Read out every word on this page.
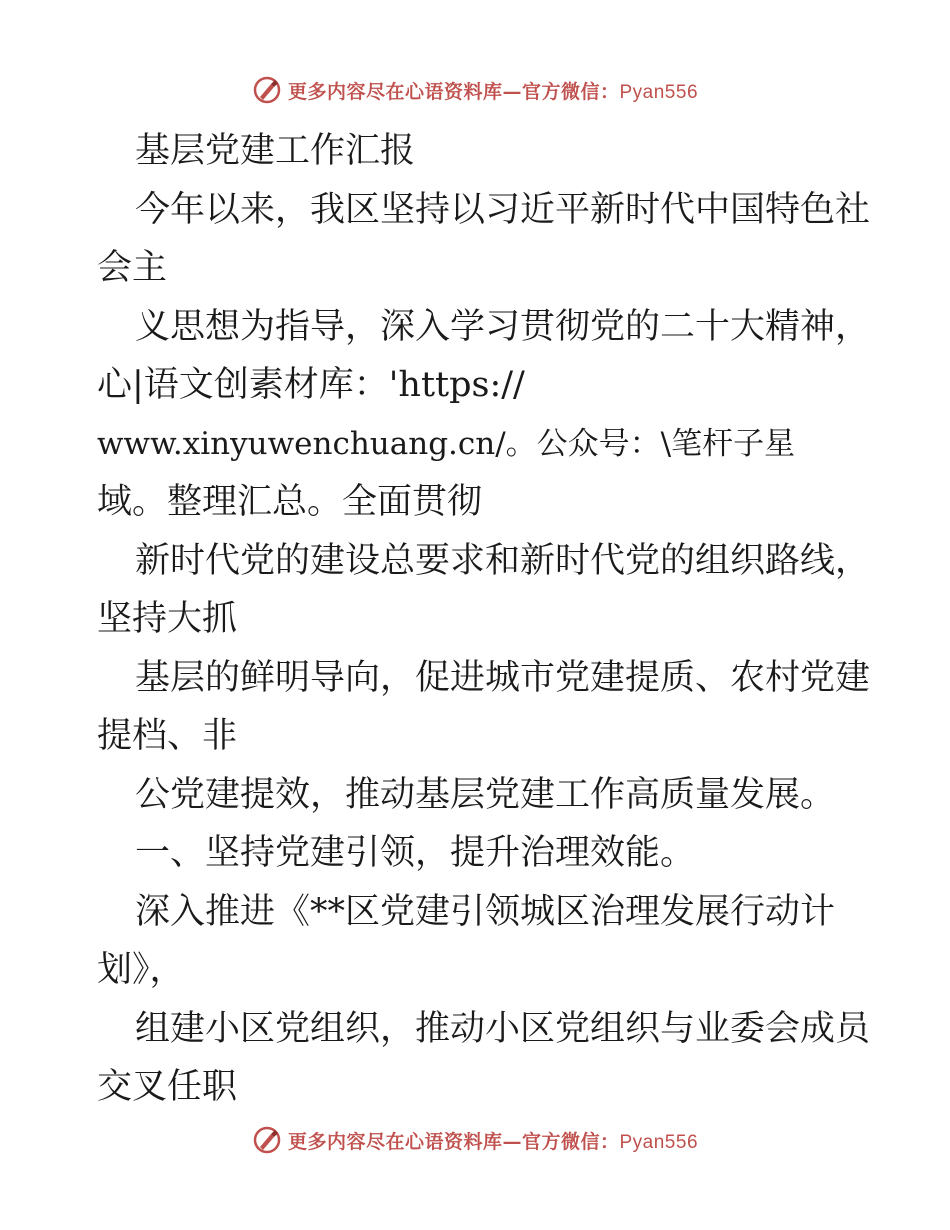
更多内容尽在心语资料库—官方微信：Pyan556
基层党建工作汇报
今年以来，我区坚持以习近平新时代中国特色社
会主
义思想为指导，深入学习贯彻党的二十大精神，
心|语文创素材库：'https://
www.xinyuwenchuang.cn/。公众号：\笔杆子星
域。整理汇总。全面贯彻
新时代党的建设总要求和新时代党的组织路线，
坚持大抓
基层的鲜明导向，促进城市党建提质、农村党建
提档、非
公党建提效，推动基层党建工作高质量发展。
一、坚持党建引领，提升治理效能。
深入推进《**区党建引领城区治理发展行动计
划》，
组建小区党组织，推动小区党组织与业委会成员
交叉任职
更多内容尽在心语资料库—官方微信：Pyan556
